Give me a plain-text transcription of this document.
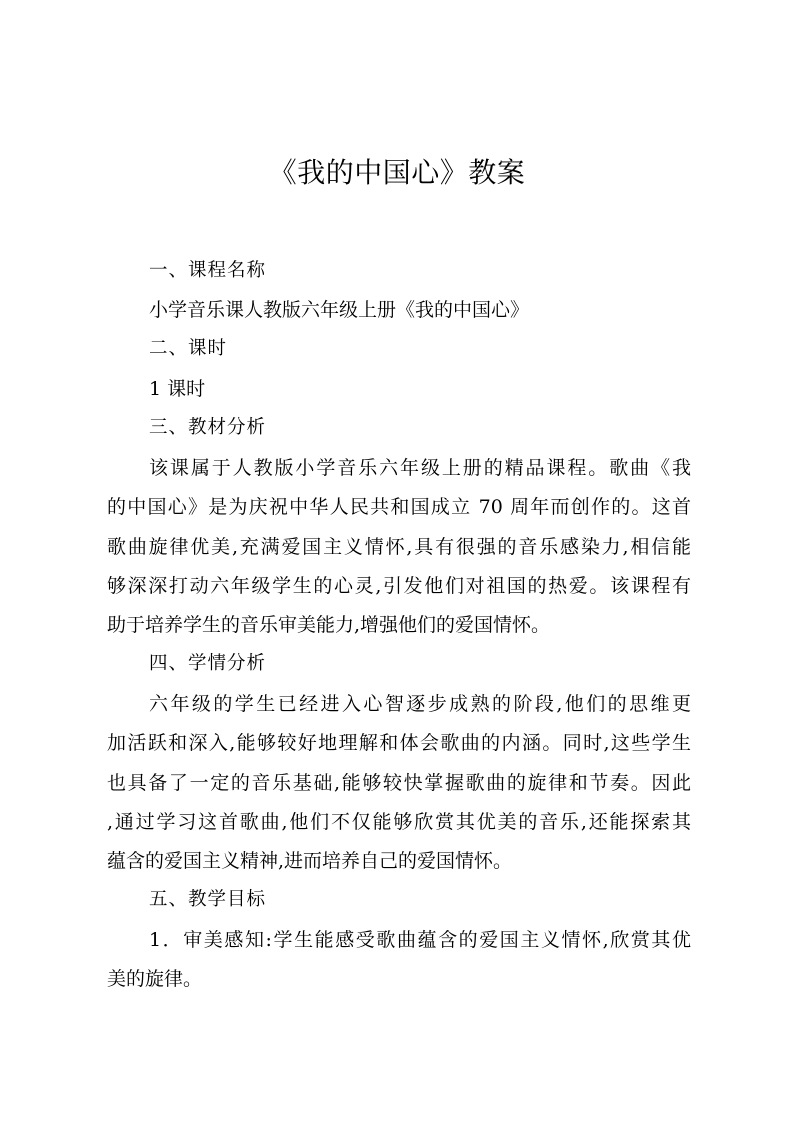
《我的中国心》教案
一、课程名称
小学音乐课人教版六年级上册《我的中国心》
二、课时
1 课时
三、教材分析
该课属于人教版小学音乐六年级上册的精品课程。歌曲《我
的中国心》是为庆祝中华人民共和国成立 70 周年而创作的。这首
歌曲旋律优美,充满爱国主义情怀,具有很强的音乐感染力,相信能
够深深打动六年级学生的心灵,引发他们对祖国的热爱。该课程有
助于培养学生的音乐审美能力,增强他们的爱国情怀。
四、学情分析
六年级的学生已经进入心智逐步成熟的阶段,他们的思维更
加活跃和深入,能够较好地理解和体会歌曲的内涵。同时,这些学生
也具备了一定的音乐基础,能够较快掌握歌曲的旋律和节奏。因此
,通过学习这首歌曲,他们不仅能够欣赏其优美的音乐,还能探索其
蕴含的爱国主义精神,进而培养自己的爱国情怀。
五、教学目标
1．审美感知:学生能感受歌曲蕴含的爱国主义情怀,欣赏其优
美的旋律。
